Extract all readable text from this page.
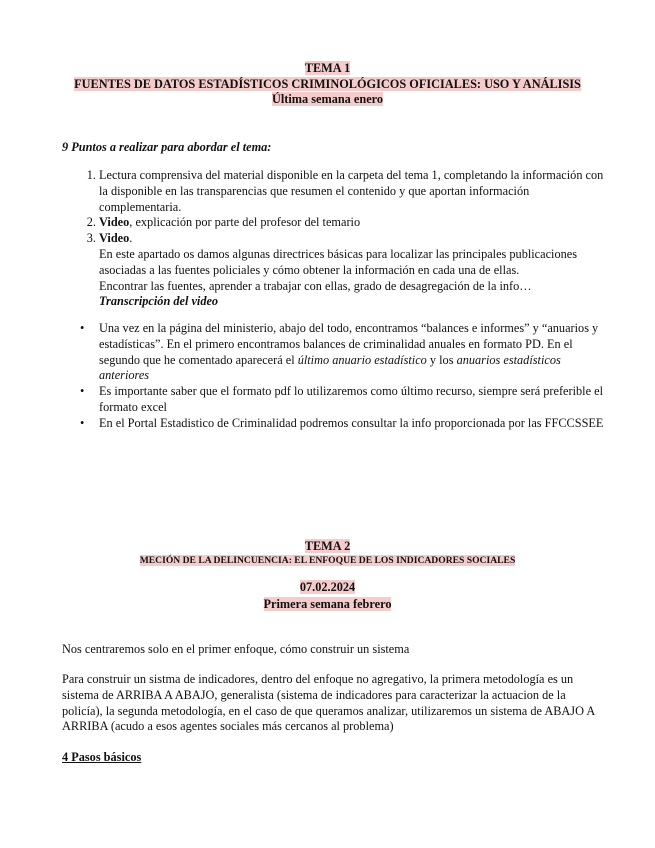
TEMA 1
FUENTES DE DATOS ESTADÍSTICOS CRIMINOLÓGICOS OFICIALES: USO Y ANÁLISIS
Última semana enero
9 Puntos a realizar para abordar el tema:
1. Lectura comprensiva del material disponible en la carpeta del tema 1, completando la información con la disponible en las transparencias que resumen el contenido y que aportan información complementaria.
2. Video, explicación por parte del profesor del temario
3. Video.
En este apartado os damos algunas directrices básicas para localizar las principales publicaciones asociadas a las fuentes policiales y cómo obtener la información en cada una de ellas.
Encontrar las fuentes, aprender a trabajar con ellas, grado de desagregación de la info…
Transcripción del video
• Una vez en la página del ministerio, abajo del todo, encontramos “balances e informes” y “anuarios y estadísticas”. En el primero encontramos balances de criminalidad anuales en formato PD. En el segundo que he comentado aparecerá el último anuario estadístico y los anuarios estadísticos anteriores
• Es importante saber que el formato pdf lo utilizaremos como último recurso, siempre será preferible el formato excel
• En el Portal Estadistico de Criminalidad podremos consultar la info proporcionada por las FFCCSSEE
TEMA 2
MECIÓN DE LA DELINCUENCIA: EL ENFOQUE DE LOS INDICADORES SOCIALES
07.02.2024
Primera semana febrero
Nos centraremos solo en el primer enfoque, cómo construir un sistema
Para construir un sistma de indicadores, dentro del enfoque no agregativo, la primera metodología es un sistema de ARRIBA A ABAJO, generalista (sistema de indicadores para caracterizar la actuacion de la policía), la segunda metodología, en el caso de que queramos analizar, utilizaremos un sistema de ABAJO A ARRIBA (acudo a esos agentes sociales más cercanos al problema)
4 Pasos básicos
